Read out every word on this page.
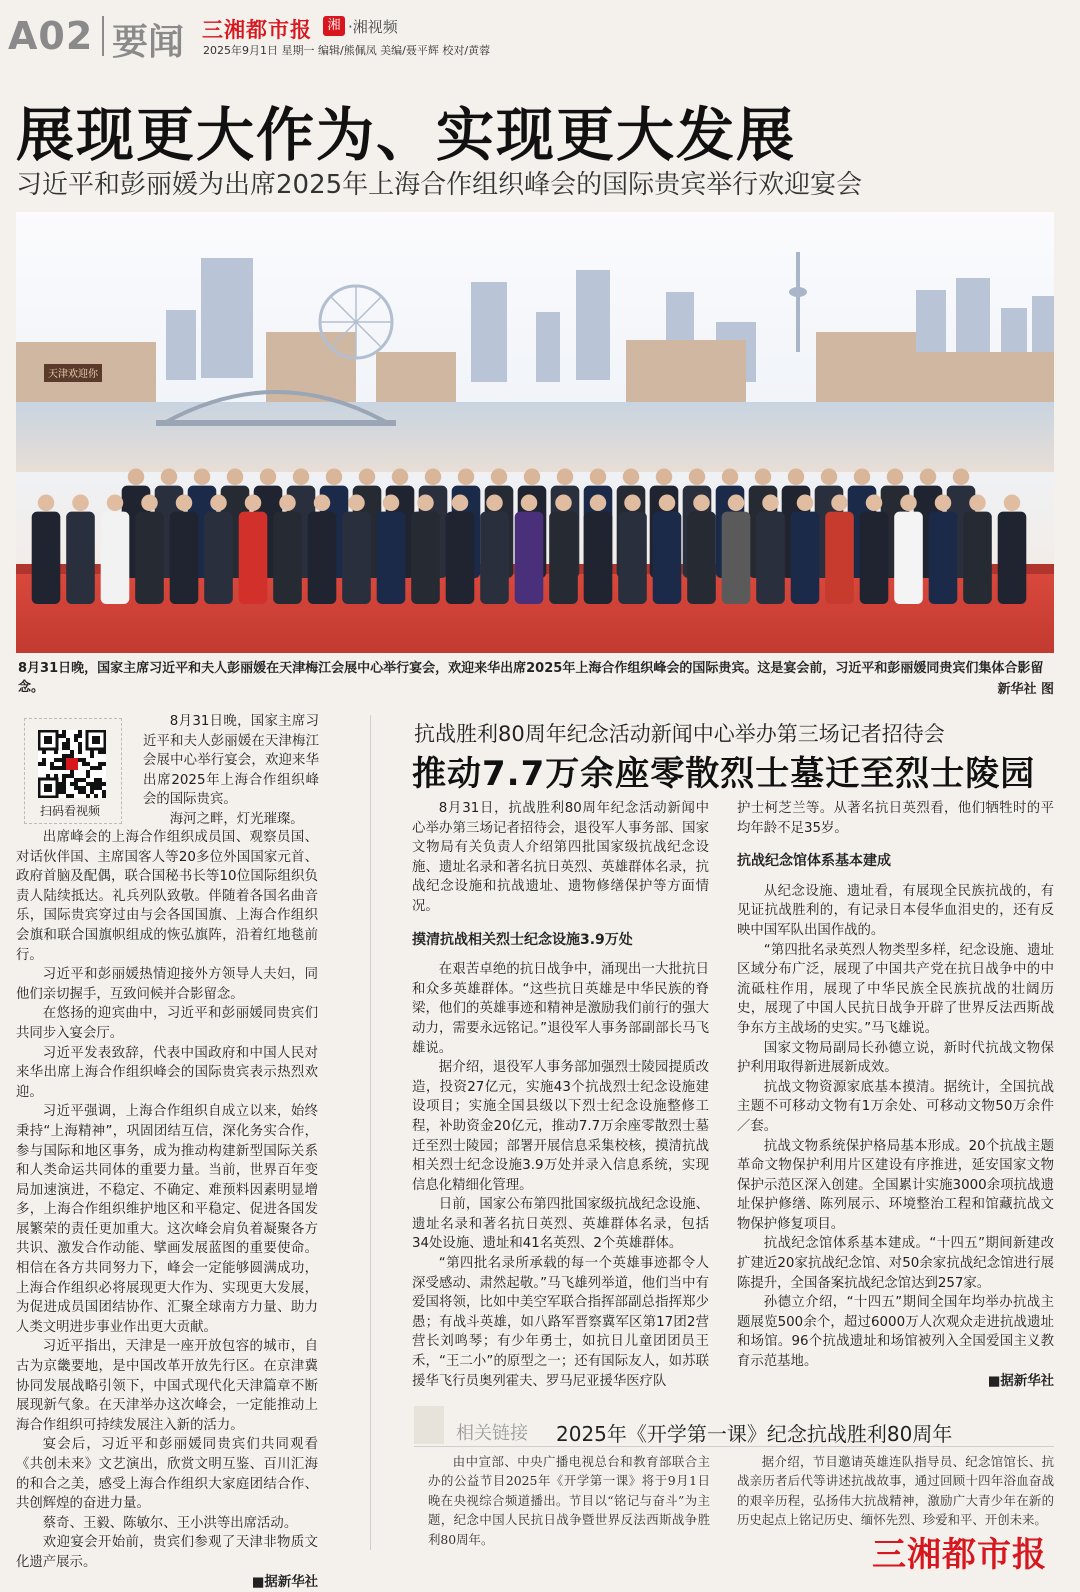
A02 要闻 三湘都市报	湘 ·湘视频
2025年9月1日 星期一 编辑/熊佩凤 美编/聂平辉 校对/黄蓉
展现更大作为、实现更大发展
习近平和彭丽媛为出席2025年上海合作组织峰会的国际贵宾举行欢迎宴会
天津欢迎你
8月31日晚，国家主席习近平和夫人彭丽媛在天津梅江会展中心举行宴会，欢迎来华出席2025年上海合作组织峰会的国际贵宾。这是宴会前，习近平和彭丽媛同贵宾们集体合影留念。	新华社 图
扫码看视频

8月31日晚，国家主席习近平和夫人彭丽媛在天津梅江会展中心举行宴会，欢迎来华出席2025年上海合作组织峰会的国际贵宾。

海河之畔，灯光璀璨。

出席峰会的上海合作组织成员国、观察员国、对话伙伴国、主席国客人等20多位外国国家元首、政府首脑及配偶，联合国秘书长等10位国际组织负责人陆续抵达。礼兵列队致敬。伴随着各国名曲音乐，国际贵宾穿过由与会各国国旗、上海合作组织会旗和联合国旗帜组成的恢弘旗阵，沿着红地毯前行。

习近平和彭丽媛热情迎接外方领导人夫妇，同他们亲切握手，互致问候并合影留念。

在悠扬的迎宾曲中，习近平和彭丽媛同贵宾们共同步入宴会厅。

习近平发表致辞，代表中国政府和中国人民对来华出席上海合作组织峰会的国际贵宾表示热烈欢迎。

习近平强调，上海合作组织自成立以来，始终秉持“上海精神”，巩固团结互信，深化务实合作，参与国际和地区事务，成为推动构建新型国际关系和人类命运共同体的重要力量。当前，世界百年变局加速演进，不稳定、不确定、难预料因素明显增多，上海合作组织维护地区和平稳定、促进各国发展繁荣的责任更加重大。这次峰会肩负着凝聚各方共识、激发合作动能、擘画发展蓝图的重要使命。相信在各方共同努力下，峰会一定能够圆满成功，上海合作组织必将展现更大作为、实现更大发展，为促进成员国团结协作、汇聚全球南方力量、助力人类文明进步事业作出更大贡献。

习近平指出，天津是一座开放包容的城市，自古为京畿要地，是中国改革开放先行区。在京津冀协同发展战略引领下，中国式现代化天津篇章不断展现新气象。在天津举办这次峰会，一定能推动上海合作组织可持续发展注入新的活力。

宴会后，习近平和彭丽媛同贵宾们共同观看《共创未来》文艺演出，欣赏文明互鉴、百川汇海的和合之美，感受上海合作组织大家庭团结合作、共创辉煌的奋进力量。

蔡奇、王毅、陈敏尔、王小洪等出席活动。

欢迎宴会开始前，贵宾们参观了天津非物质文化遗产展示。

■据新华社

抗战胜利80周年纪念活动新闻中心举办第三场记者招待会
推动7.7万余座零散烈士墓迁至烈士陵园

8月31日，抗战胜利80周年纪念活动新闻中心举办第三场记者招待会，退役军人事务部、国家文物局有关负责人介绍第四批国家级抗战纪念设施、遗址名录和著名抗日英烈、英雄群体名录，抗战纪念设施和抗战遗址、遗物修缮保护等方面情况。

摸清抗战相关烈士纪念设施3.9万处

在艰苦卓绝的抗日战争中，涌现出一大批抗日和众多英雄群体。“这些抗日英雄是中华民族的脊梁，他们的英雄事迹和精神是激励我们前行的强大动力，需要永远铭记。”退役军人事务部副部长马飞雄说。

据介绍，退役军人事务部加强烈士陵园提质改造，投资27亿元，实施43个抗战烈士纪念设施建设项目；实施全国县级以下烈士纪念设施整修工程，补助资金20亿元，推动7.7万余座零散烈士墓迁至烈士陵园；部署开展信息采集校核，摸清抗战相关烈士纪念设施3.9万处并录入信息系统，实现信息化精细化管理。

日前，国家公布第四批国家级抗战纪念设施、遗址名录和著名抗日英烈、英雄群体名录，包括34处设施、遗址和41名英烈、2个英雄群体。

“第四批名录所承载的每一个英雄事迹都令人深受感动、肃然起敬。”马飞雄列举道，他们当中有爱国将领，比如中美空军联合指挥部副总指挥郑少愚；有战斗英雄，如八路军晋察冀军区第17团2营营长刘鸣琴；有少年勇士，如抗日儿童团团员王禾，“王二小”的原型之一；还有国际友人，如苏联援华飞行员奥列霍夫、罗马尼亚援华医疗队

护士柯芝兰等。从著名抗日英烈看，他们牺牲时的平均年龄不足35岁。

抗战纪念馆体系基本建成

从纪念设施、遗址看，有展现全民族抗战的，有见证抗战胜利的，有记录日本侵华血泪史的，还有反映中国军队出国作战的。

“第四批名录英烈人物类型多样，纪念设施、遗址区域分布广泛，展现了中国共产党在抗日战争中的中流砥柱作用，展现了中华民族全民族抗战的壮阔历史，展现了中国人民抗日战争开辟了世界反法西斯战争东方主战场的史实。”马飞雄说。

国家文物局副局长孙德立说，新时代抗战文物保护利用取得新进展新成效。

抗战文物资源家底基本摸清。据统计，全国抗战主题不可移动文物有1万余处、可移动文物50万余件／套。

抗战文物系统保护格局基本形成。20个抗战主题革命文物保护利用片区建设有序推进，延安国家文物保护示范区深入创建。全国累计实施3000余项抗战遗址保护修缮、陈列展示、环境整治工程和馆藏抗战文物保护修复项目。

抗战纪念馆体系基本建成。“十四五”期间新建改扩建近20家抗战纪念馆、对50余家抗战纪念馆进行展陈提升，全国备案抗战纪念馆达到257家。

孙德立介绍，“十四五”期间全国年均举办抗战主题展览500余个，超过6000万人次观众走进抗战遗址和场馆。96个抗战遗址和场馆被列入全国爱国主义教育示范基地。

■据新华社

相关链接 2025年《开学第一课》纪念抗战胜利80周年

由中宣部、中央广播电视总台和教育部联合主办的公益节目2025年《开学第一课》将于9月1日晚在央视综合频道播出。节目以“铭记与奋斗”为主题，纪念中国人民抗日战争暨世界反法西斯战争胜利80周年。

据介绍，节目邀请英雄连队指导员、纪念馆馆长、抗战亲历者后代等讲述抗战故事，通过回顾十四年浴血奋战的艰辛历程，弘扬伟大抗战精神，激励广大青少年在新的历史起点上铭记历史、缅怀先烈、珍爱和平、开创未来。

三湘都市报
